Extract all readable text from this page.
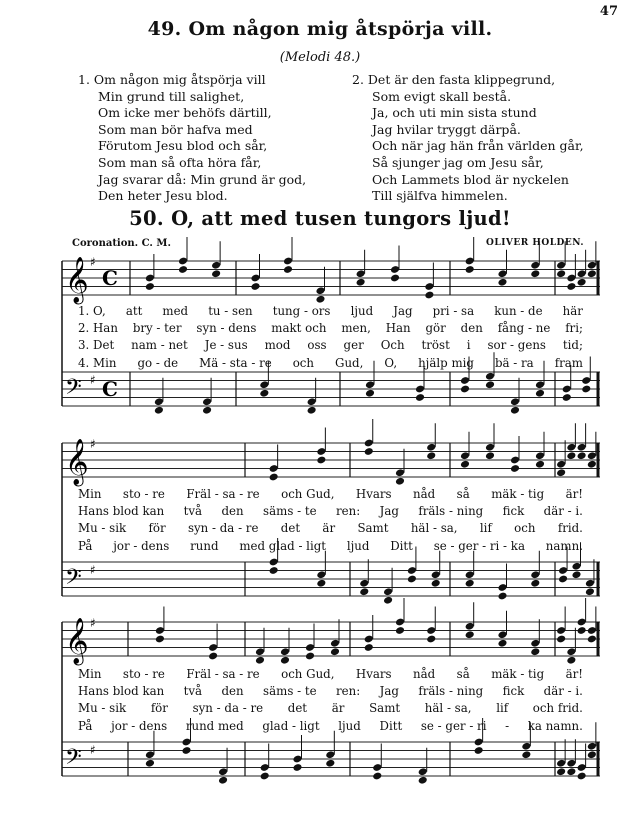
𝄞 ♯
C
𝄢 ♯ C
𝄞 ♯
𝄢 ♯
𝄞 ♯
𝄢 ♯
47
49. Om någon mig åtspörja vill.
(Melodi 48.)
1. Om någon mig åtspörja vill
Min grund till salighet,
Om icke mer behöfs därtill,
Som man bör hafva med
Förutom Jesu blod och sår,
Som man så ofta höra får,
Jag svarar då: Min grund är god,
Den heter Jesu blod.
2. Det är den fasta klippegrund,
Som evigt skall bestå.
Ja, och uti min sista stund
Jag hvilar tryggt därpå.
Och när jag hän från världen går,
Så sjunger jag om Jesu sår,
Och Lammets blod är nyckelen
Till själfva himmelen.
50. O, att med tusen tungors ljud!
Coronation. C. M.	OLIVER HOLDEN.
1. O, att med tu - sen tung - ors ljud Jag pri - sa kun - de här
2. Han bry - ter syn - dens makt och men, Han gör den fång - ne fri;
3. Det nam - net Je - sus mod oss ger Och tröst i sor - gens tid;
4. Min go - de Mä - sta - re och Gud, O, hjälp mig bä - ra fram
Min sto - re Fräl - sa - re och Gud, Hvars nåd så mäk - tig är!
Hans blod kan två den säms - te ren: Jag fräls - ning fick där - i.
Mu - sik för syn - da - re det är Samt häl - sa, lif och frid.
På jor - dens rund med glad - ligt ljud Ditt se - ger - ri - ka namn.
Min sto - re Fräl - sa - re och Gud, Hvars nåd så mäk - tig är!
Hans blod kan två den säms - te ren: Jag fräls - ning fick där - i.
Mu - sik för syn - da - re det är Samt häl - sa, lif och frid.
På jor - dens rund med glad - ligt ljud Ditt se - ger - ri - ka namn.
